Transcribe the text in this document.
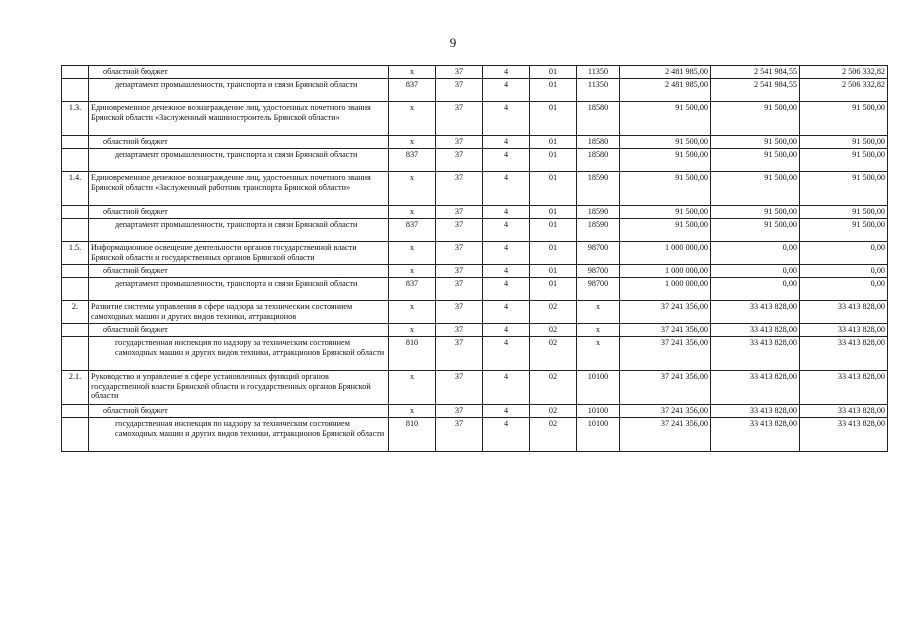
9
	областной бюджет	х	37	4	01	11350	2 481 985,00	2 541 984,55	2 506 332,82
	департамент промышленности, транспорта и связи Брянской области	837	37	4	01	11350	2 481 985,00	2 541 984,55	2 506 332,82
1.3.	Единовременное денежное вознаграждение лиц, удостоенных почетного звания Брянской области «Заслуженный машиностроитель Брянской области»	х	37	4	01	18580	91 500,00	91 500,00	91 500,00
	областной бюджет	х	37	4	01	18580	91 500,00	91 500,00	91 500,00
	департамент промышленности, транспорта и связи Брянской области	837	37	4	01	18580	91 500,00	91 500,00	91 500,00
1.4.	Единовременное денежное вознаграждение лиц, удостоенных почетного звания Брянской области «Заслуженный работник транспорта Брянской области»	х	37	4	01	18590	91 500,00	91 500,00	91 500,00
	областной бюджет	х	37	4	01	18590	91 500,00	91 500,00	91 500,00
	департамент промышленности, транспорта и связи Брянской области	837	37	4	01	18590	91 500,00	91 500,00	91 500,00
1.5.	Информационное освещение деятельности органов государственной власти Брянской области и государственных органов Брянской области	х	37	4	01	98700	1 000 000,00	0,00	0,00
	областной бюджет	х	37	4	01	98700	1 000 000,00	0,00	0,00
	департамент промышленности, транспорта и связи Брянской области	837	37	4	01	98700	1 000 000,00	0,00	0,00
2.	Развитие системы управления в сфере надзора за техническим состоянием самоходных машин и других видов техники, аттракционов	х	37	4	02	х	37 241 356,00	33 413 828,00	33 413 828,00
	областной бюджет	х	37	4	02	х	37 241 356,00	33 413 828,00	33 413 828,00
	государственная инспекция по надзору за техническим состоянием самоходных машин и других видов техники, аттракционов Брянской области	810	37	4	02	х	37 241 356,00	33 413 828,00	33 413 828,00
2.1.	Руководство и управление в сфере установленных функций органов государственной власти Брянской области и государственных органов Брянской области	х	37	4	02	10100	37 241 356,00	33 413 828,00	33 413 828,00
	областной бюджет	х	37	4	02	10100	37 241 356,00	33 413 828,00	33 413 828,00
	государственная инспекция по надзору за техническим состоянием самоходных машин и других видов техники, аттракционов Брянской области	810	37	4	02	10100	37 241 356,00	33 413 828,00	33 413 828,00
